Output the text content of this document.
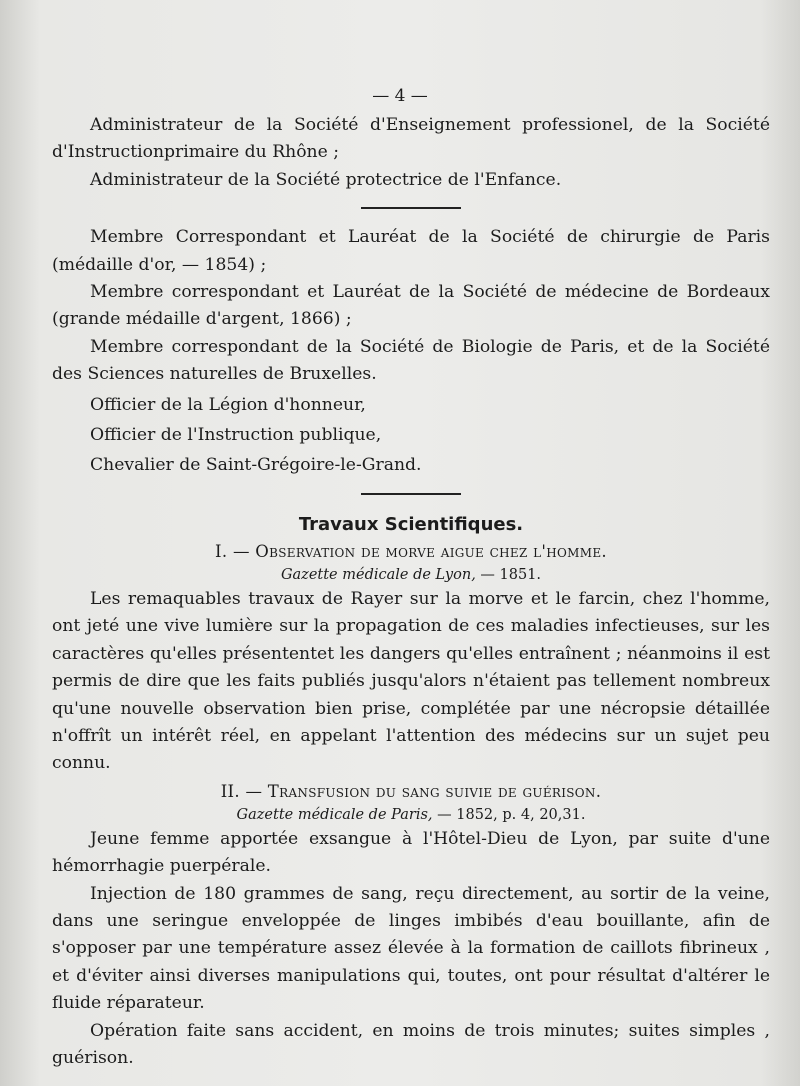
— 4 —

Administrateur de la Société d'Enseignement professionel, de la Société d'Instructionprimaire du Rhône ;

Administrateur de la Société protectrice de l'Enfance.

Membre Correspondant et Lauréat de la Société de chirurgie de Paris (médaille d'or, — 1854) ;

Membre correspondant et Lauréat de la Société de médecine de Bordeaux (grande médaille d'argent, 1866) ;

Membre correspondant de la Société de Biologie de Paris, et de la Société des Sciences naturelles de Bruxelles.

Officier de la Légion d'honneur,

Officier de l'Instruction publique,

Chevalier de Saint-Grégoire-le-Grand.

Travaux Scientifiques.
I. — Observation de morve aigue chez l'homme.
Gazette médicale de Lyon, — 1851.

Les remaquables travaux de Rayer sur la morve et le farcin, chez l'homme, ont jeté une vive lumière sur la propagation de ces maladies infectieuses, sur les caractères qu'elles présententet les dangers qu'elles entraînent ; néanmoins il est permis de dire que les faits publiés jusqu'alors n'étaient pas tellement nombreux qu'une nouvelle observation bien prise, complétée par une nécropsie détaillée n'offrît un intérêt réel, en appelant l'attention des médecins sur un sujet peu connu.

II. — Transfusion du sang suivie de guérison.
Gazette médicale de Paris, — 1852, p. 4, 20,31.

Jeune femme apportée exsangue à l'Hôtel-Dieu de Lyon, par suite d'une hémorrhagie puerpérale.

Injection de 180 grammes de sang, reçu directement, au sortir de la veine, dans une seringue enveloppée de linges imbibés d'eau bouillante, afin de s'opposer par une température assez élevée à la formation de caillots fibrineux , et d'éviter ainsi diverses manipulations qui, toutes, ont pour résultat d'altérer le fluide réparateur.

Opération faite sans accident, en moins de trois minutes; suites simples , guérison.
